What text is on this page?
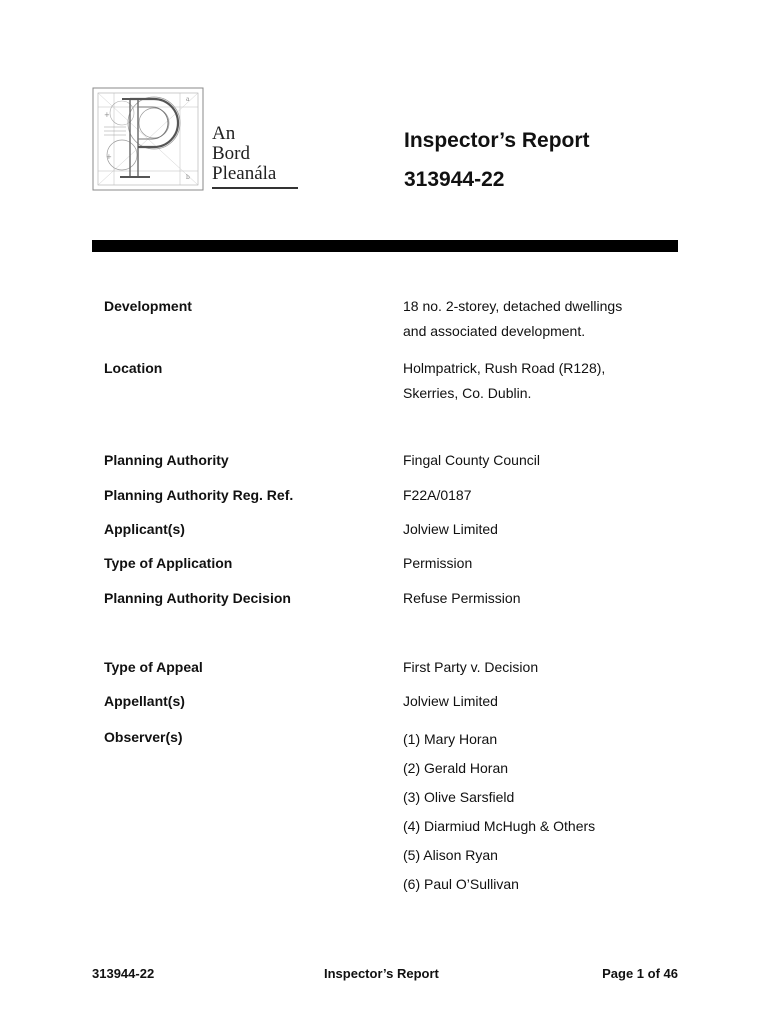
+
+
a
b
An
Bord
Pleanála
Inspector’s Report
313944-22
Development	18 no. 2-storey, detached dwellings
and associated development.
Location	Holmpatrick, Rush Road (R128),
Skerries, Co. Dublin.
Planning Authority	Fingal County Council
Planning Authority Reg. Ref.	F22A/0187
Applicant(s)	Jolview Limited
Type of Application	Permission
Planning Authority Decision	Refuse Permission
Type of Appeal	First Party v. Decision
Appellant(s)	Jolview Limited
Observer(s)	(1) Mary Horan
(2) Gerald Horan
(3) Olive Sarsfield
(4) Diarmiud McHugh & Others
(5) Alison Ryan
(6) Paul O’Sullivan
313944-22	Inspector’s Report	Page 1 of 46
